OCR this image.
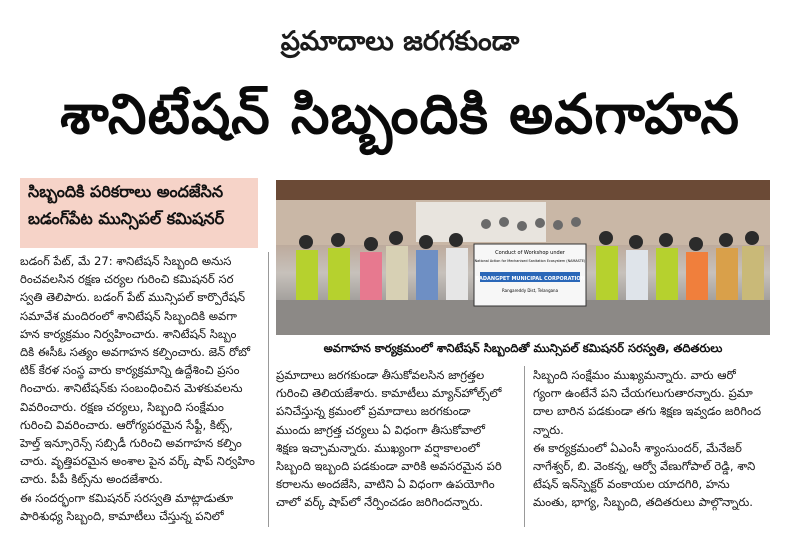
ప్రమాదాలు జరగకుండా
శానిటేషన్ సిబ్బందికి అవగాహన
సిబ్బందికి పరికరాలు అందజేసిన
బడంగ్‌పేట మున్సిపల్ కమిషనర్
Conduct of Workshop under
National Action for Mechanised Sanitation Ecosystem (NAMASTE)
BADANGPET MUNICIPAL CORPORATION
Rangareddy Dist, Telangana
అవగాహన కార్యక్రమంలో శానిటేషన్ సిబ్బందితో మున్సిపల్ కమిషనర్ సరస్వతి, తదితరులు

బడంగ్ పేట్, మే 27: శానిటేషన్ సిబ్బంది అనుస

రించవలసిన రక్షణ చర్యల గురించి కమిషనర్ సర

స్వతి తెలిపారు. బడంగ్ పేట్ మున్సిపల్ కార్పొరేషన్

సమావేశ మందిరంలో శానిటేషన్ సిబ్బందికి అవగా

హన కార్యక్రమం నిర్వహించారు. శానిటేషన్ సిబ్బం

దికి ఈసీఓ సత్యం అవగాహన కల్పించారు. జెన్ రోబో

టిక్ కేరళ సంస్థ వారు కార్యక్రమాన్ని ఉద్దేశించి ప్రసం

గించారు. శానిటేషన్‌కు సంబంధించిన మెళకువలను

వివరించారు. రక్షణ చర్యలు, సిబ్బంది సంక్షేమం

గురించి వివరించారు. ఆరోగ్యపరమైన సేఫ్టీ, కిట్స్,

హెల్త్ ఇన్సూరెన్స్ సబ్సిడీ గురించి అవగాహన కల్పిం

చారు. వృత్తిపరమైన అంశాల పైన వర్క్ షాప్ నిర్వహిం

చారు. పీపీ కిట్స్‌ను అందజేశారు.

ఈ సందర్భంగా కమిషనర్ సరస్వతి మాట్లాడుతూ

పారిశుధ్య సిబ్బంది, కామాటీలు చేస్తున్న పనిలో

ప్రమాదాలు జరగకుండా తీసుకోవలసిన జాగ్రత్తల

గురించి తెలియజేశారు. కామాటీలు మ్యాన్‌హోల్స్‌లో

పనిచేస్తున్న క్రమంలో ప్రమాదాలు జరగకుండా

ముందు జాగ్రత్త చర్యలు ఏ విధంగా తీసుకోవాలో

శిక్షణ ఇచ్చామన్నారు. ముఖ్యంగా వర్షాకాలంలో

సిబ్బంది ఇబ్బంది పడకుండా వారికి అవసరమైన పరి

కరాలను అందజేసి, వాటిని ఏ విధంగా ఉపయోగిం

చాలో వర్క్ షాప్‌లో నేర్పించడం జరిగిందన్నారు.

సిబ్బంది సంక్షేమం ముఖ్యమన్నారు. వారు ఆరో

గ్యంగా ఉంటేనే పని చేయగలుగుతారన్నారు. ప్రమా

దాల బారిన పడకుండా తగు శిక్షణ ఇవ్వడం జరిగింద

న్నారు.

ఈ కార్యక్రమంలో ఏఎంసీ శ్యాంసుందర్, మేనేజర్

నాగేశ్వర్, బి. వెంకన్న, ఆర్వో వేణుగోపాల్ రెడ్డి, శాని

టేషన్ ఇన్‌స్పెక్టర్ వంకాయల యాదగిరి, హను

మంతు, భాగ్య, సిబ్బంది, తదితరులు పాల్గొన్నారు.
